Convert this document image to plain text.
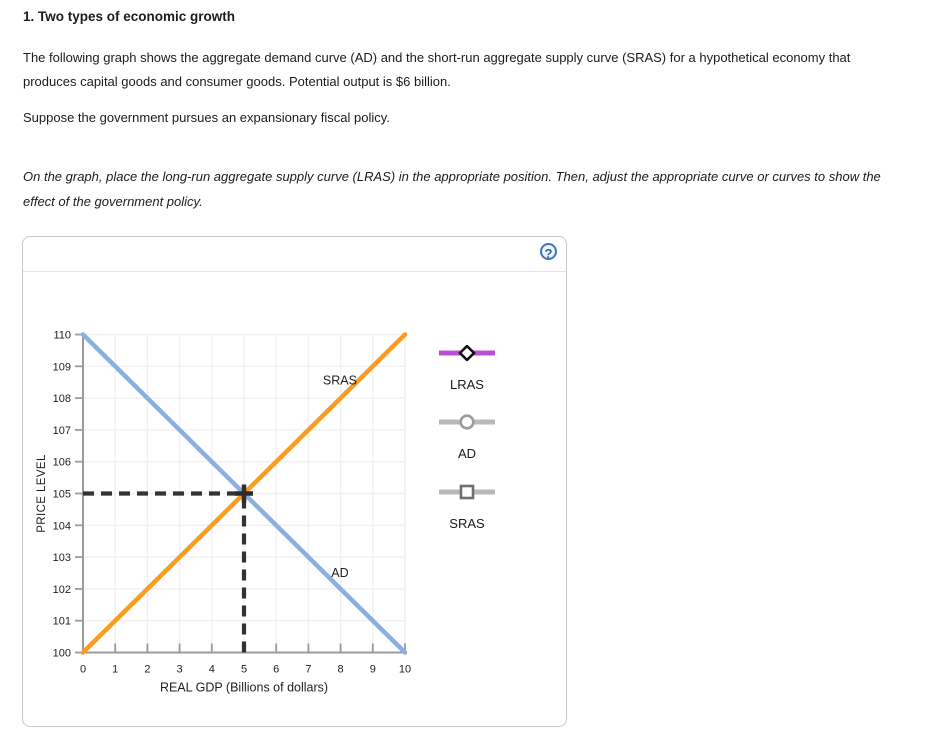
1. Two types of economic growth
The following graph shows the aggregate demand curve (AD) and the short-run aggregate supply curve (SRAS) for a hypothetical economy that
produces capital goods and consumer goods. Potential output is $6 billion.
Suppose the government pursues an expansionary fiscal policy.
On the graph, place the long-run aggregate supply curve (LRAS) in the appropriate position. Then, adjust the appropriate curve or curves to show the
effect of the government policy.
?
AD
SRAS
0 1 2 3 4 5 6 7 8 9 10
100
101
102
103
104
105
106
107
108
109
110
REAL GDP (Billions of dollars)
PRICE LEVEL
LRAS
AD
SRAS
